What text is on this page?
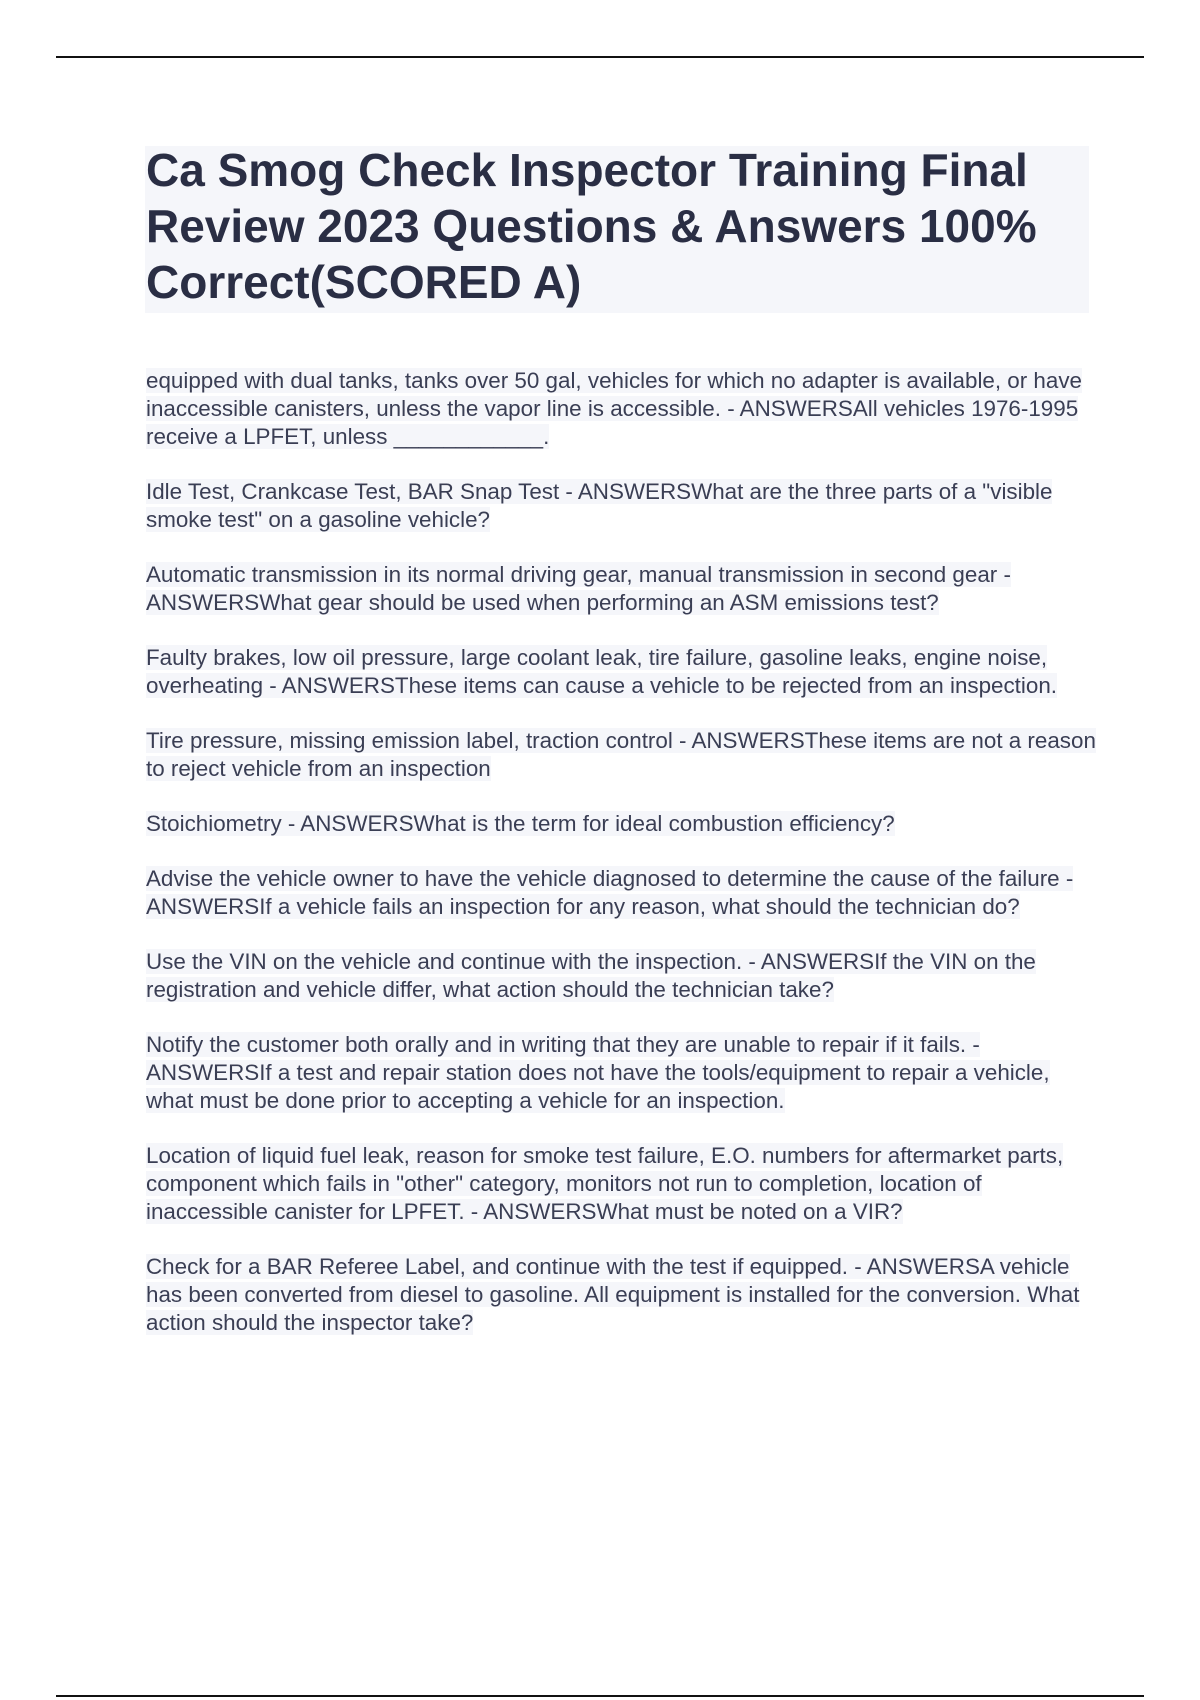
Ca Smog Check Inspector Training Final Review 2023 Questions & Answers 100% Correct(SCORED A)

equipped with dual tanks, tanks over 50 gal, vehicles for which no adapter is available, or have inaccessible canisters, unless the vapor line is accessible. - ANSWERSAll vehicles 1976-1995 receive a LPFET, unless ____________.

Idle Test, Crankcase Test, BAR Snap Test - ANSWERSWhat are the three parts of a "visible smoke test" on a gasoline vehicle?

Automatic transmission in its normal driving gear, manual transmission in second gear - ANSWERSWhat gear should be used when performing an ASM emissions test?

Faulty brakes, low oil pressure, large coolant leak, tire failure, gasoline leaks, engine noise, overheating - ANSWERSThese items can cause a vehicle to be rejected from an inspection.

Tire pressure, missing emission label, traction control - ANSWERSThese items are not a reason to reject vehicle from an inspection

Stoichiometry - ANSWERSWhat is the term for ideal combustion efficiency?

Advise the vehicle owner to have the vehicle diagnosed to determine the cause of the failure - ANSWERSIf a vehicle fails an inspection for any reason, what should the technician do?

Use the VIN on the vehicle and continue with the inspection. - ANSWERSIf the VIN on the registration and vehicle differ, what action should the technician take?

Notify the customer both orally and in writing that they are unable to repair if it fails. - ANSWERSIf a test and repair station does not have the tools/equipment to repair a vehicle, what must be done prior to accepting a vehicle for an inspection.

Location of liquid fuel leak, reason for smoke test failure, E.O. numbers for aftermarket parts, component which fails in "other" category, monitors not run to completion, location of inaccessible canister for LPFET. - ANSWERSWhat must be noted on a VIR?

Check for a BAR Referee Label, and continue with the test if equipped. - ANSWERSA vehicle has been converted from diesel to gasoline. All equipment is installed for the conversion. What action should the inspector take?
